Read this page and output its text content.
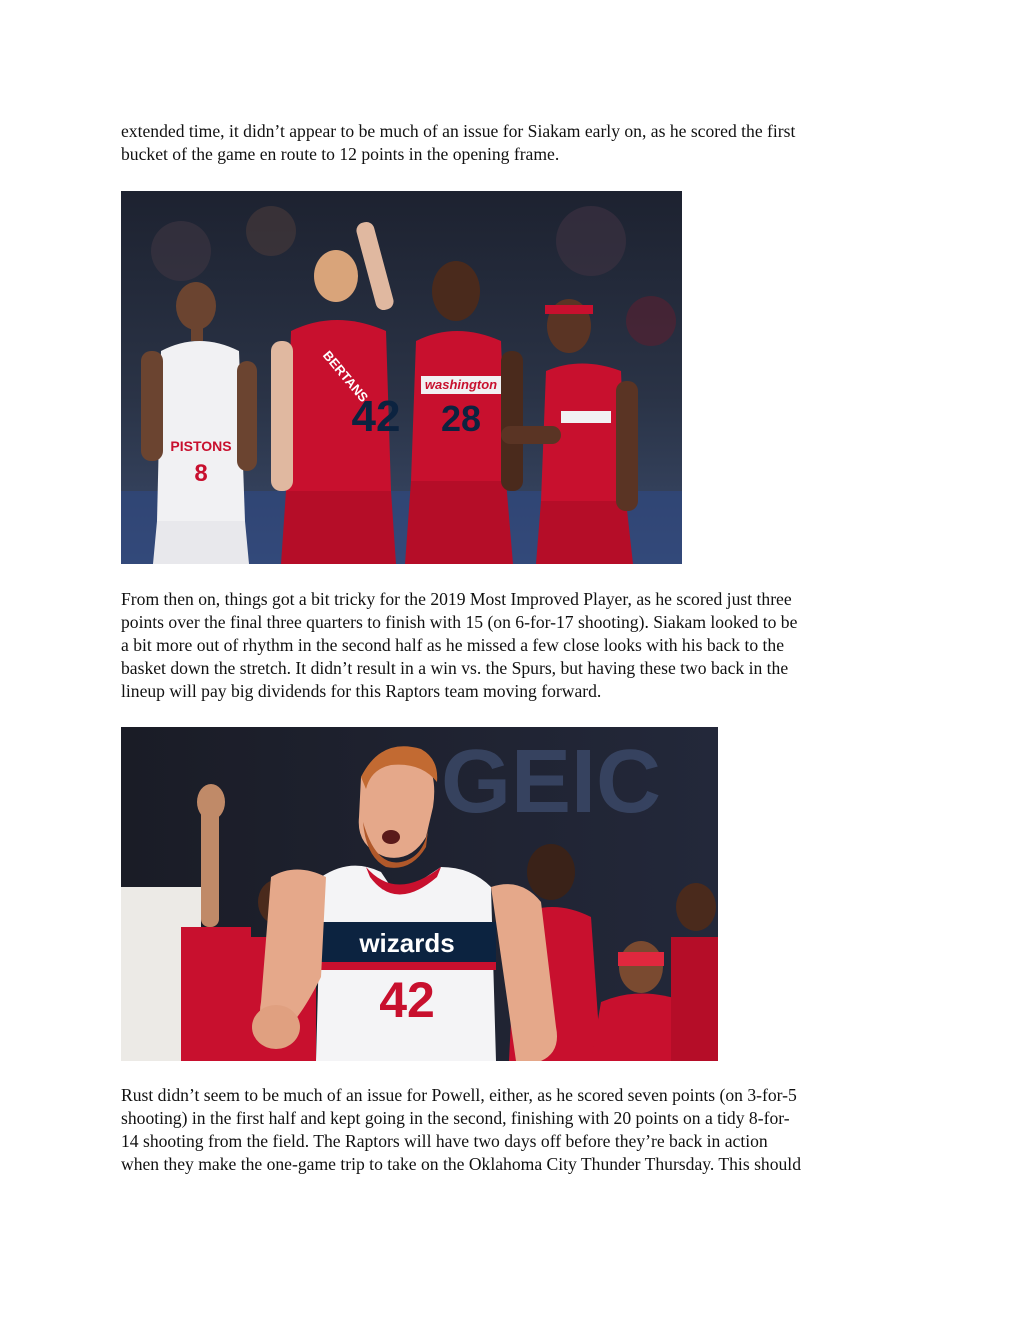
extended time, it didn’t appear to be much of an issue for Siakam early on, as he scored the first
bucket of the game en route to 12 points in the opening frame.
PISTONS
8
BERTANS
42
washington
28
From then on, things got a bit tricky for the 2019 Most Improved Player, as he scored just three
points over the final three quarters to finish with 15 (on 6-for-17 shooting). Siakam looked to be
a bit more out of rhythm in the second half as he missed a few close looks with his back to the
basket down the stretch. It didn’t result in a win vs. the Spurs, but having these two back in the
lineup will pay big dividends for this Raptors team moving forward.
GEIC
wizards
42
Rust didn’t seem to be much of an issue for Powell, either, as he scored seven points (on 3-for-5
shooting) in the first half and kept going in the second, finishing with 20 points on a tidy 8-for-
14 shooting from the field. The Raptors will have two days off before they’re back in action
when they make the one-game trip to take on the Oklahoma City Thunder Thursday. This should
